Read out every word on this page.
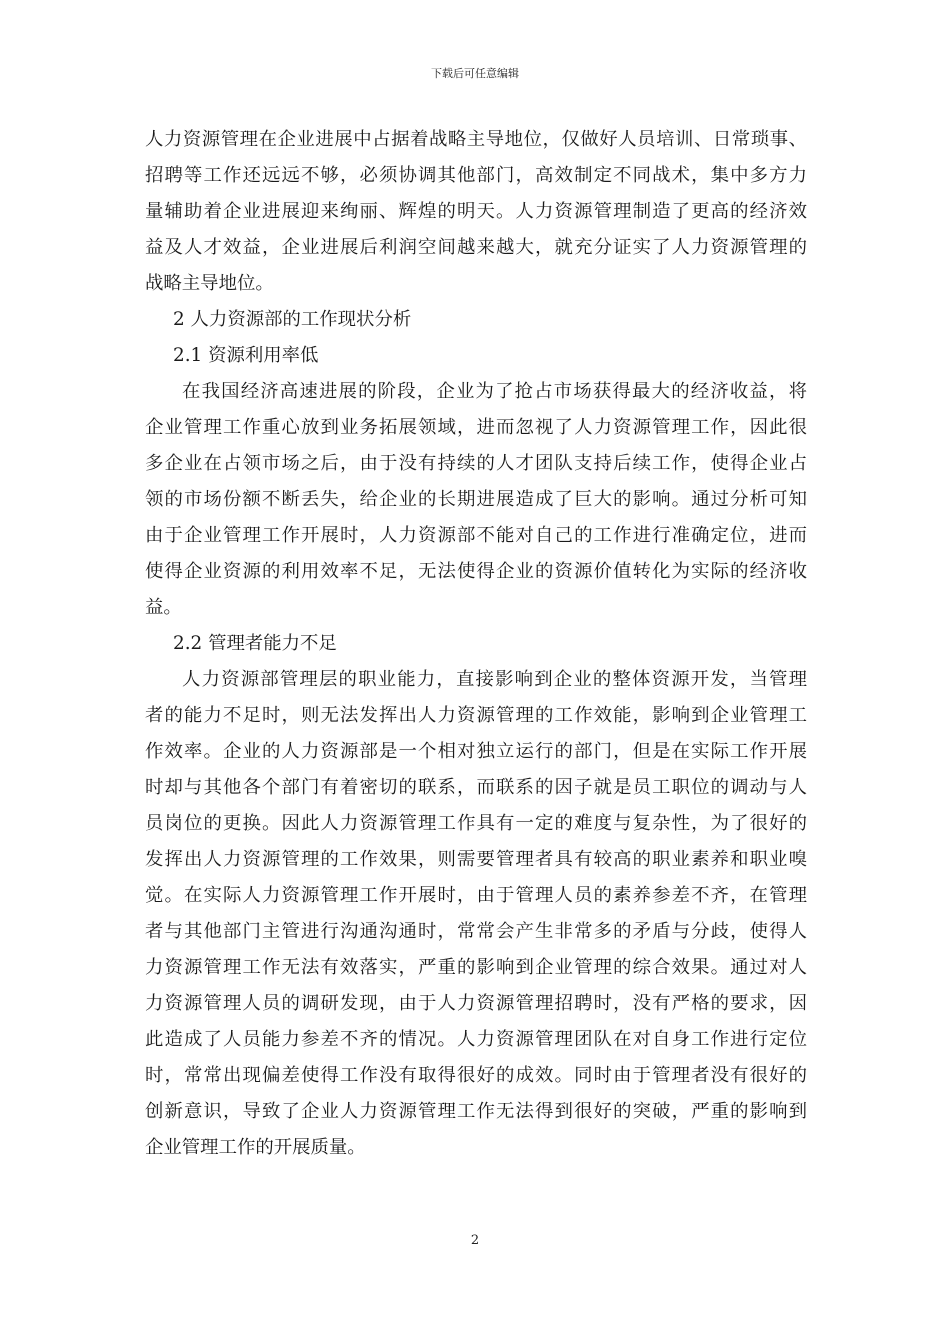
下载后可任意编辑
人力资源管理在企业进展中占据着战略主导地位，仅做好人员培训、日常琐事、
招聘等工作还远远不够，必须协调其他部门，高效制定不同战术，集中多方力
量辅助着企业进展迎来绚丽、辉煌的明天。人力资源管理制造了更高的经济效
益及人才效益，企业进展后利润空间越来越大，就充分证实了人力资源管理的
战略主导地位。
2 人力资源部的工作现状分析
2.1 资源利用率低
在我国经济高速进展的阶段，企业为了抢占市场获得最大的经济收益，将
企业管理工作重心放到业务拓展领域，进而忽视了人力资源管理工作，因此很
多企业在占领市场之后，由于没有持续的人才团队支持后续工作，使得企业占
领的市场份额不断丢失，给企业的长期进展造成了巨大的影响。通过分析可知
由于企业管理工作开展时，人力资源部不能对自己的工作进行准确定位，进而
使得企业资源的利用效率不足，无法使得企业的资源价值转化为实际的经济收
益。
2.2 管理者能力不足
人力资源部管理层的职业能力，直接影响到企业的整体资源开发，当管理
者的能力不足时，则无法发挥出人力资源管理的工作效能，影响到企业管理工
作效率。企业的人力资源部是一个相对独立运行的部门，但是在实际工作开展
时却与其他各个部门有着密切的联系，而联系的因子就是员工职位的调动与人
员岗位的更换。因此人力资源管理工作具有一定的难度与复杂性，为了很好的
发挥出人力资源管理的工作效果，则需要管理者具有较高的职业素养和职业嗅
觉。在实际人力资源管理工作开展时，由于管理人员的素养参差不齐，在管理
者与其他部门主管进行沟通沟通时，常常会产生非常多的矛盾与分歧，使得人
力资源管理工作无法有效落实，严重的影响到企业管理的综合效果。通过对人
力资源管理人员的调研发现，由于人力资源管理招聘时，没有严格的要求，因
此造成了人员能力参差不齐的情况。人力资源管理团队在对自身工作进行定位
时，常常出现偏差使得工作没有取得很好的成效。同时由于管理者没有很好的
创新意识，导致了企业人力资源管理工作无法得到很好的突破，严重的影响到
企业管理工作的开展质量。
2
